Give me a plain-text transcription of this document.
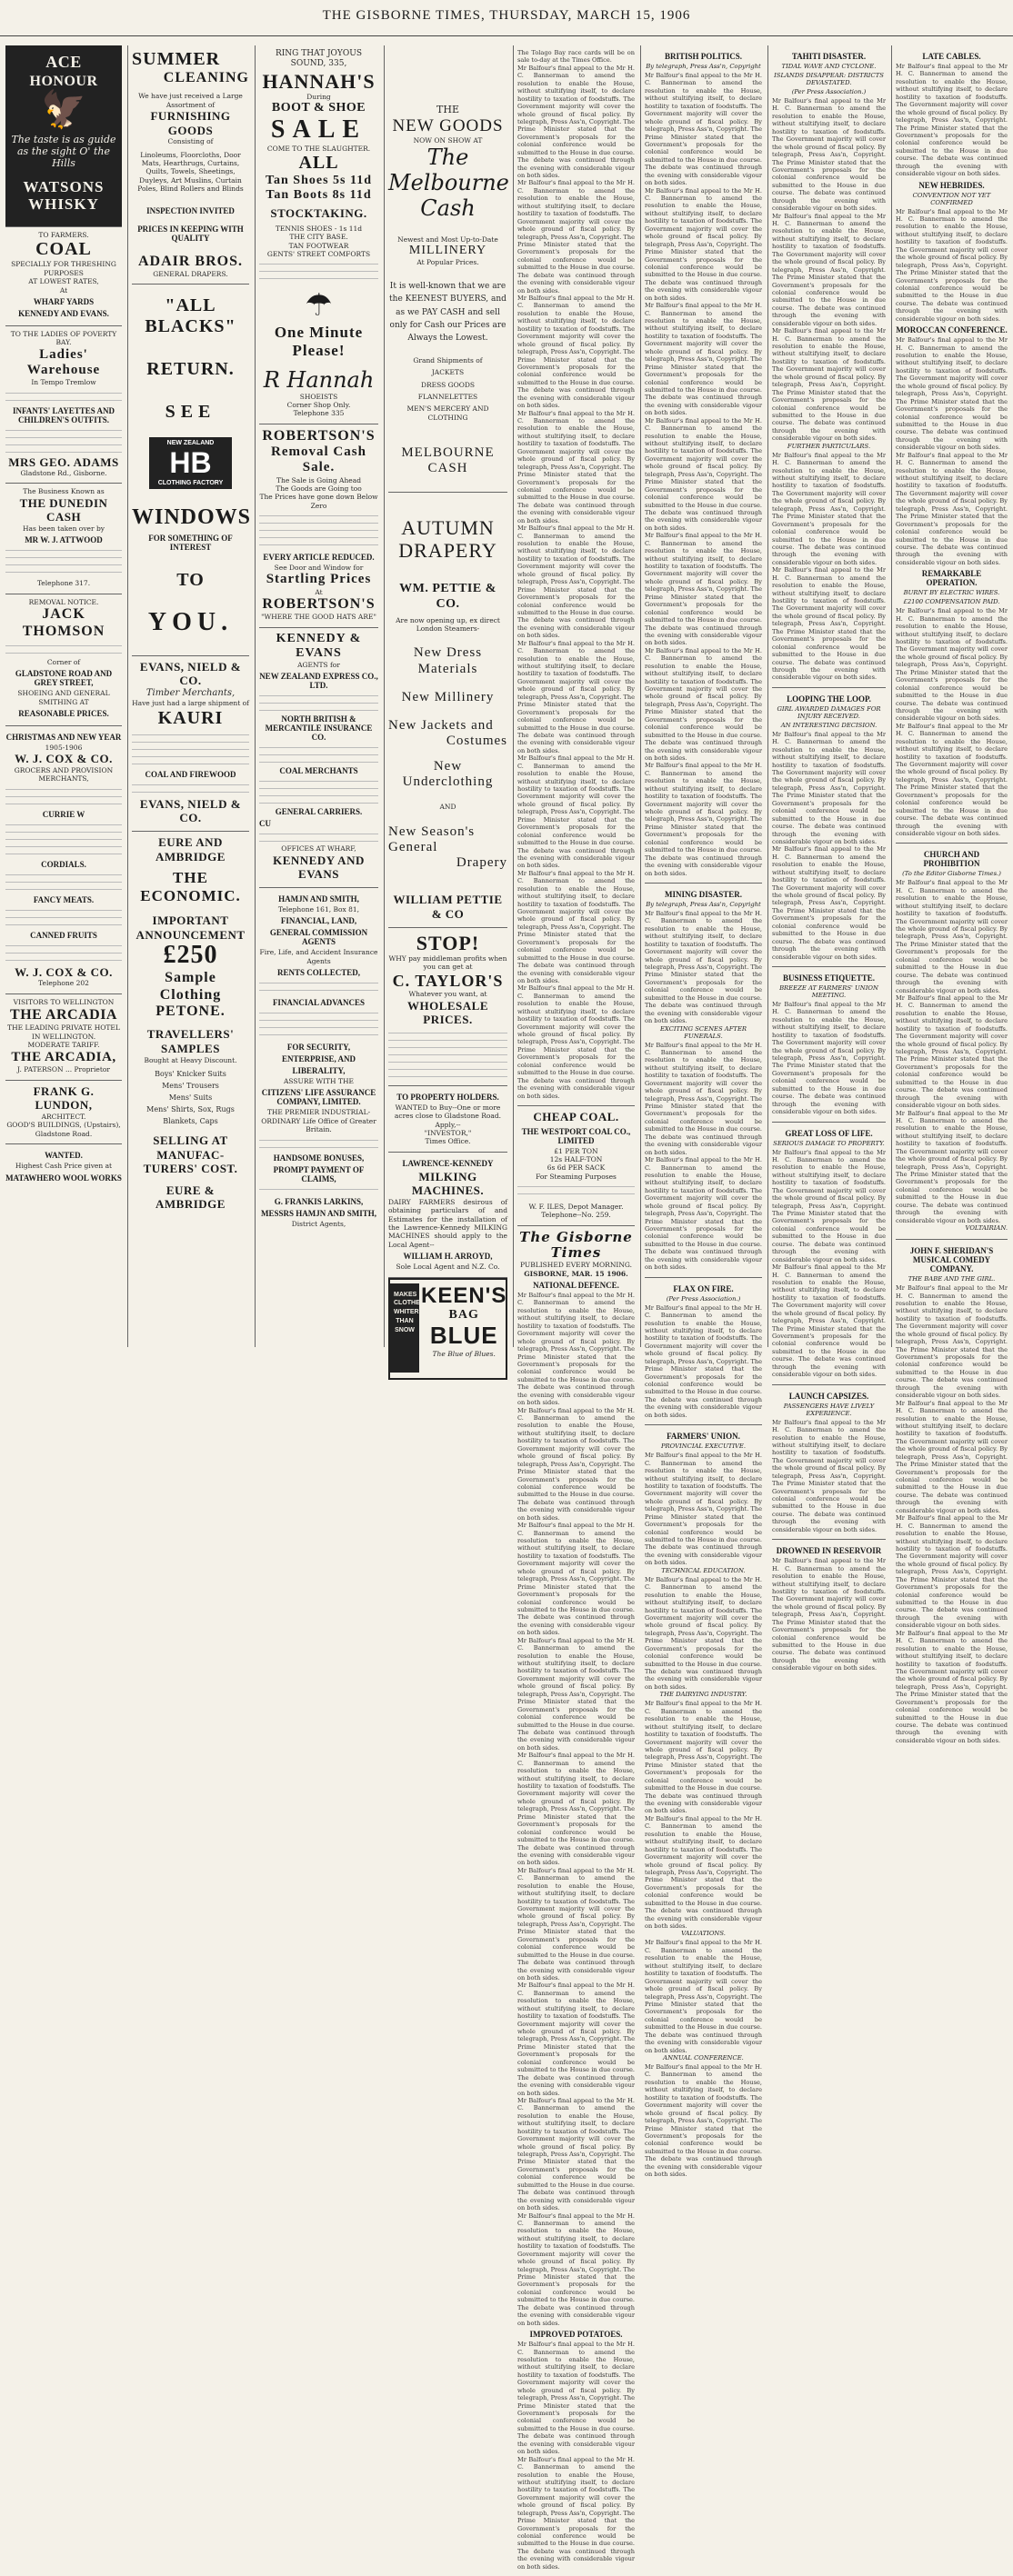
THE GISBORNE TIMES, THURSDAY, MARCH 15, 1906
ACE
HONOUR
🦅
The taste is as guide as the sight O' the Hills
WATSONS WHISKY
TO FARMERS.
COAL
SPECIALLY FOR THRESHING PURPOSES
AT LOWEST RATES,
At
WHARF YARDS
KENNEDY AND EVANS.
TO THE LADIES OF POVERTY BAY.
Ladies' Warehouse
In Tempo Tremlow
INFANTS' LAYETTES AND CHILDREN'S OUTFITS.
MRS GEO. ADAMS
Gladstone Rd., Gisborne.
The Business Known as
THE DUNEDIN CASH
Has been taken over by
MR W. J. ATTWOOD
Telephone 317.
REMOVAL NOTICE.
JACK THOMSON
Corner of
GLADSTONE ROAD AND GREY STREET,
SHOEING AND GENERAL SMITHING AT
REASONABLE PRICES.
CHRISTMAS AND NEW YEAR
1905-1906
W. J. COX & CO.
GROCERS AND PROVISION MERCHANTS,
CURRIE W
CORDIALS.
FANCY MEATS.
CANNED FRUITS
W. J. COX & CO.
Telephone 202
VISITORS TO WELLINGTON
THE ARCADIA
THE LEADING PRIVATE HOTEL IN WELLINGTON.
MODERATE TARIFF.
THE ARCADIA,
J. PATERSON ... Proprietor
FRANK G. LUNDON,
ARCHITECT.
GOOD'S BUILDINGS, (Upstairs), Gladstone Road.
WANTED.
Highest Cash Price given at
MATAWHERO WOOL WORKS
SUMMER
CLEANING
We have just received a Large Assortment of
FURNISHING GOODS
Consisting of
Linoleums, Floorcloths, Door Mats, Hearthrugs, Curtains, Quilts, Towels, Sheetings, Duyleys, Art Muslins, Curtain Poles, Blind Rollers and Blinds
INSPECTION INVITED
PRICES IN KEEPING WITH QUALITY
ADAIR BROS.
GENERAL DRAPERS.
"ALL BLACKS"
RETURN.
SEE
NEW ZEALAND
HB
CLOTHING FACTORY
WINDOWS
FOR SOMETHING OF INTEREST
TO
YOU.
EVANS, NIELD & CO.
Timber Merchants,
Have just had a large shipment of
KAURI
COAL AND FIREWOOD
EVANS, NIELD & CO.
EURE AND AMBRIDGE
THE ECONOMIC.
IMPORTANT
ANNOUNCEMENT
£250
Sample Clothing
PETONE.
TRAVELLERS' SAMPLES
Bought at Heavy Discount.
Boys' Knicker Suits
Mens' Trousers
Mens' Suits
Mens' Shirts, Sox, Rugs
Blankets, Caps
SELLING AT MANUFAC-TURERS' COST.
EURE & AMBRIDGE
RING THAT JOYOUS SOUND, 335,
HANNAH'S
During
BOOT & SHOE
SALE
COME TO THE SLAUGHTER.
ALL
Tan Shoes 5s 11d
Tan Boots 8s 11d
STOCKTAKING.
TENNIS SHOES - 1s 11d
THE CITY BASE.
TAN FOOTWEAR
GENTS' STREET COMFORTS
☂
One Minute Please!
R Hannah
SHOEISTS
Corner Shop Only.
Telephone 335
ROBERTSON'S
Removal Cash Sale.
The Sale is Going Ahead
The Goods are Going too
The Prices have gone down Below Zero
EVERY ARTICLE REDUCED.
See Door and Window for
Startling Prices
At
ROBERTSON'S
"WHERE THE GOOD HATS ARE"
KENNEDY & EVANS
AGENTS for
NEW ZEALAND EXPRESS CO., LTD.
NORTH BRITISH & MERCANTILE INSURANCE CO.
COAL MERCHANTS
GENERAL CARRIERS.
CU
OFFICES AT WHARF,
KENNEDY AND EVANS
HAMJN AND SMITH,
Telephone 161, Box 81,
FINANCIAL, LAND,
GENERAL COMMISSION AGENTS
Fire, Life, and Accident Insurance Agents
RENTS COLLECTED,
FINANCIAL ADVANCES
FOR SECURITY,
ENTERPRISE, AND
LIBERALITY,
ASSURE WITH THE
CITIZENS' LIFE ASSURANCE COMPANY, LIMITED.
THE PREMIER INDUSTRIAL-ORDINARY Life Office of Greater Britain.
HANDSOME BONUSES,
PROMPT PAYMENT OF CLAIMS,
G. FRANKIS LARKINS,
MESSRS HAMJN AND SMITH,
District Agents,
THE
NEW GOODS
NOW ON SHOW AT
The
Melbourne
Cash
Newest and Most Up-to-Date
MILLINERY
At Popular Prices.
It is well-known that we are the KEENEST BUYERS, and as we PAY CASH and sell only for Cash our Prices are Always the Lowest.
Grand Shipments of
JACKETS
DRESS GOODS
FLANNELETTES
MEN'S MERCERY AND CLOTHING
MELBOURNE CASH
AUTUMN
DRAPERY
WM. PETTIE & CO.
Are now opening up, ex direct London Steamers-
New Dress Materials
New Millinery
New Jackets and
Costumes
New Underclothing
AND
New Season's General
Drapery
WILLIAM PETTIE & CO
STOP!
WHY pay middleman profits when you can get at
C. TAYLOR'S
Whatever you want, at
WHOLESALE PRICES.
TO PROPERTY HOLDERS.
WANTED to Buy--One or more acres close to Gladstone Road.
Apply,--
"INVESTOR,"
Times Office.
LAWRENCE-KENNEDY
MILKING MACHINES.
DAIRY FARMERS desirous of obtaining particulars of and Estimates for the installation of the Lawrence-Kennedy MILKING MACHINES should apply to the Local Agent--
WILLIAM H. ARROYD,
Sole Local Agent and N.Z. Co.
MAKES CLOTHES WHITER THAN SNOW
KEEN'S
BAG
BLUE
The Blue of Blues.
The Tolago Bay race cards will be on sale to-day at the Times Office.
Mr Balfour's final appeal to the Mr H. C. Bannerman to amend the resolution to enable the House, without stultifying itself, to declare hostility to taxation of foodstuffs. The Government majority will cover the whole ground of fiscal policy. By telegraph, Press Ass'n, Copyright. The Prime Minister stated that the Government's proposals for the colonial conference would be submitted to the House in due course. The debate was continued through the evening with considerable vigour on both sides.
Mr Balfour's final appeal to the Mr H. C. Bannerman to amend the resolution to enable the House, without stultifying itself, to declare hostility to taxation of foodstuffs. The Government majority will cover the whole ground of fiscal policy. By telegraph, Press Ass'n, Copyright. The Prime Minister stated that the Government's proposals for the colonial conference would be submitted to the House in due course. The debate was continued through the evening with considerable vigour on both sides.
Mr Balfour's final appeal to the Mr H. C. Bannerman to amend the resolution to enable the House, without stultifying itself, to declare hostility to taxation of foodstuffs. The Government majority will cover the whole ground of fiscal policy. By telegraph, Press Ass'n, Copyright. The Prime Minister stated that the Government's proposals for the colonial conference would be submitted to the House in due course. The debate was continued through the evening with considerable vigour on both sides.
Mr Balfour's final appeal to the Mr H. C. Bannerman to amend the resolution to enable the House, without stultifying itself, to declare hostility to taxation of foodstuffs. The Government majority will cover the whole ground of fiscal policy. By telegraph, Press Ass'n, Copyright. The Prime Minister stated that the Government's proposals for the colonial conference would be submitted to the House in due course. The debate was continued through the evening with considerable vigour on both sides.
Mr Balfour's final appeal to the Mr H. C. Bannerman to amend the resolution to enable the House, without stultifying itself, to declare hostility to taxation of foodstuffs. The Government majority will cover the whole ground of fiscal policy. By telegraph, Press Ass'n, Copyright. The Prime Minister stated that the Government's proposals for the colonial conference would be submitted to the House in due course. The debate was continued through the evening with considerable vigour on both sides.
Mr Balfour's final appeal to the Mr H. C. Bannerman to amend the resolution to enable the House, without stultifying itself, to declare hostility to taxation of foodstuffs. The Government majority will cover the whole ground of fiscal policy. By telegraph, Press Ass'n, Copyright. The Prime Minister stated that the Government's proposals for the colonial conference would be submitted to the House in due course. The debate was continued through the evening with considerable vigour on both sides.
Mr Balfour's final appeal to the Mr H. C. Bannerman to amend the resolution to enable the House, without stultifying itself, to declare hostility to taxation of foodstuffs. The Government majority will cover the whole ground of fiscal policy. By telegraph, Press Ass'n, Copyright. The Prime Minister stated that the Government's proposals for the colonial conference would be submitted to the House in due course. The debate was continued through the evening with considerable vigour on both sides.
Mr Balfour's final appeal to the Mr H. C. Bannerman to amend the resolution to enable the House, without stultifying itself, to declare hostility to taxation of foodstuffs. The Government majority will cover the whole ground of fiscal policy. By telegraph, Press Ass'n, Copyright. The Prime Minister stated that the Government's proposals for the colonial conference would be submitted to the House in due course. The debate was continued through the evening with considerable vigour on both sides.
Mr Balfour's final appeal to the Mr H. C. Bannerman to amend the resolution to enable the House, without stultifying itself, to declare hostility to taxation of foodstuffs. The Government majority will cover the whole ground of fiscal policy. By telegraph, Press Ass'n, Copyright. The Prime Minister stated that the Government's proposals for the colonial conference would be submitted to the House in due course. The debate was continued through the evening with considerable vigour on both sides.
CHEAP COAL.
THE WESTPORT COAL CO., LIMITED
£1 PER TON
12s HALF-TON
6s 6d PER SACK
For Steaming Purposes
W. F. ILES, Depot Manager.
Telephone--No. 259.
The Gisborne Times
PUBLISHED EVERY MORNING.
GISBORNE, MAR. 15 1906.
NATIONAL DEFENCE.
Mr Balfour's final appeal to the Mr H. C. Bannerman to amend the resolution to enable the House, without stultifying itself, to declare hostility to taxation of foodstuffs. The Government majority will cover the whole ground of fiscal policy. By telegraph, Press Ass'n, Copyright. The Prime Minister stated that the Government's proposals for the colonial conference would be submitted to the House in due course. The debate was continued through the evening with considerable vigour on both sides.
Mr Balfour's final appeal to the Mr H. C. Bannerman to amend the resolution to enable the House, without stultifying itself, to declare hostility to taxation of foodstuffs. The Government majority will cover the whole ground of fiscal policy. By telegraph, Press Ass'n, Copyright. The Prime Minister stated that the Government's proposals for the colonial conference would be submitted to the House in due course. The debate was continued through the evening with considerable vigour on both sides.
Mr Balfour's final appeal to the Mr H. C. Bannerman to amend the resolution to enable the House, without stultifying itself, to declare hostility to taxation of foodstuffs. The Government majority will cover the whole ground of fiscal policy. By telegraph, Press Ass'n, Copyright. The Prime Minister stated that the Government's proposals for the colonial conference would be submitted to the House in due course. The debate was continued through the evening with considerable vigour on both sides.
Mr Balfour's final appeal to the Mr H. C. Bannerman to amend the resolution to enable the House, without stultifying itself, to declare hostility to taxation of foodstuffs. The Government majority will cover the whole ground of fiscal policy. By telegraph, Press Ass'n, Copyright. The Prime Minister stated that the Government's proposals for the colonial conference would be submitted to the House in due course. The debate was continued through the evening with considerable vigour on both sides.
Mr Balfour's final appeal to the Mr H. C. Bannerman to amend the resolution to enable the House, without stultifying itself, to declare hostility to taxation of foodstuffs. The Government majority will cover the whole ground of fiscal policy. By telegraph, Press Ass'n, Copyright. The Prime Minister stated that the Government's proposals for the colonial conference would be submitted to the House in due course. The debate was continued through the evening with considerable vigour on both sides.
Mr Balfour's final appeal to the Mr H. C. Bannerman to amend the resolution to enable the House, without stultifying itself, to declare hostility to taxation of foodstuffs. The Government majority will cover the whole ground of fiscal policy. By telegraph, Press Ass'n, Copyright. The Prime Minister stated that the Government's proposals for the colonial conference would be submitted to the House in due course. The debate was continued through the evening with considerable vigour on both sides.
Mr Balfour's final appeal to the Mr H. C. Bannerman to amend the resolution to enable the House, without stultifying itself, to declare hostility to taxation of foodstuffs. The Government majority will cover the whole ground of fiscal policy. By telegraph, Press Ass'n, Copyright. The Prime Minister stated that the Government's proposals for the colonial conference would be submitted to the House in due course. The debate was continued through the evening with considerable vigour on both sides.
Mr Balfour's final appeal to the Mr H. C. Bannerman to amend the resolution to enable the House, without stultifying itself, to declare hostility to taxation of foodstuffs. The Government majority will cover the whole ground of fiscal policy. By telegraph, Press Ass'n, Copyright. The Prime Minister stated that the Government's proposals for the colonial conference would be submitted to the House in due course. The debate was continued through the evening with considerable vigour on both sides.
Mr Balfour's final appeal to the Mr H. C. Bannerman to amend the resolution to enable the House, without stultifying itself, to declare hostility to taxation of foodstuffs. The Government majority will cover the whole ground of fiscal policy. By telegraph, Press Ass'n, Copyright. The Prime Minister stated that the Government's proposals for the colonial conference would be submitted to the House in due course. The debate was continued through the evening with considerable vigour on both sides.
IMPROVED POTATOES.
Mr Balfour's final appeal to the Mr H. C. Bannerman to amend the resolution to enable the House, without stultifying itself, to declare hostility to taxation of foodstuffs. The Government majority will cover the whole ground of fiscal policy. By telegraph, Press Ass'n, Copyright. The Prime Minister stated that the Government's proposals for the colonial conference would be submitted to the House in due course. The debate was continued through the evening with considerable vigour on both sides.
Mr Balfour's final appeal to the Mr H. C. Bannerman to amend the resolution to enable the House, without stultifying itself, to declare hostility to taxation of foodstuffs. The Government majority will cover the whole ground of fiscal policy. By telegraph, Press Ass'n, Copyright. The Prime Minister stated that the Government's proposals for the colonial conference would be submitted to the House in due course. The debate was continued through the evening with considerable vigour on both sides.
BRITISH POLITICS.
By telegraph, Press Ass'n, Copyright
Mr Balfour's final appeal to the Mr H. C. Bannerman to amend the resolution to enable the House, without stultifying itself, to declare hostility to taxation of foodstuffs. The Government majority will cover the whole ground of fiscal policy. By telegraph, Press Ass'n, Copyright. The Prime Minister stated that the Government's proposals for the colonial conference would be submitted to the House in due course. The debate was continued through the evening with considerable vigour on both sides.
Mr Balfour's final appeal to the Mr H. C. Bannerman to amend the resolution to enable the House, without stultifying itself, to declare hostility to taxation of foodstuffs. The Government majority will cover the whole ground of fiscal policy. By telegraph, Press Ass'n, Copyright. The Prime Minister stated that the Government's proposals for the colonial conference would be submitted to the House in due course. The debate was continued through the evening with considerable vigour on both sides.
Mr Balfour's final appeal to the Mr H. C. Bannerman to amend the resolution to enable the House, without stultifying itself, to declare hostility to taxation of foodstuffs. The Government majority will cover the whole ground of fiscal policy. By telegraph, Press Ass'n, Copyright. The Prime Minister stated that the Government's proposals for the colonial conference would be submitted to the House in due course. The debate was continued through the evening with considerable vigour on both sides.
Mr Balfour's final appeal to the Mr H. C. Bannerman to amend the resolution to enable the House, without stultifying itself, to declare hostility to taxation of foodstuffs. The Government majority will cover the whole ground of fiscal policy. By telegraph, Press Ass'n, Copyright. The Prime Minister stated that the Government's proposals for the colonial conference would be submitted to the House in due course. The debate was continued through the evening with considerable vigour on both sides.
Mr Balfour's final appeal to the Mr H. C. Bannerman to amend the resolution to enable the House, without stultifying itself, to declare hostility to taxation of foodstuffs. The Government majority will cover the whole ground of fiscal policy. By telegraph, Press Ass'n, Copyright. The Prime Minister stated that the Government's proposals for the colonial conference would be submitted to the House in due course. The debate was continued through the evening with considerable vigour on both sides.
Mr Balfour's final appeal to the Mr H. C. Bannerman to amend the resolution to enable the House, without stultifying itself, to declare hostility to taxation of foodstuffs. The Government majority will cover the whole ground of fiscal policy. By telegraph, Press Ass'n, Copyright. The Prime Minister stated that the Government's proposals for the colonial conference would be submitted to the House in due course. The debate was continued through the evening with considerable vigour on both sides.
Mr Balfour's final appeal to the Mr H. C. Bannerman to amend the resolution to enable the House, without stultifying itself, to declare hostility to taxation of foodstuffs. The Government majority will cover the whole ground of fiscal policy. By telegraph, Press Ass'n, Copyright. The Prime Minister stated that the Government's proposals for the colonial conference would be submitted to the House in due course. The debate was continued through the evening with considerable vigour on both sides.
MINING DISASTER.
By telegraph, Press Ass'n, Copyright
Mr Balfour's final appeal to the Mr H. C. Bannerman to amend the resolution to enable the House, without stultifying itself, to declare hostility to taxation of foodstuffs. The Government majority will cover the whole ground of fiscal policy. By telegraph, Press Ass'n, Copyright. The Prime Minister stated that the Government's proposals for the colonial conference would be submitted to the House in due course. The debate was continued through the evening with considerable vigour on both sides.
EXCITING SCENES AFTER FUNERALS.
Mr Balfour's final appeal to the Mr H. C. Bannerman to amend the resolution to enable the House, without stultifying itself, to declare hostility to taxation of foodstuffs. The Government majority will cover the whole ground of fiscal policy. By telegraph, Press Ass'n, Copyright. The Prime Minister stated that the Government's proposals for the colonial conference would be submitted to the House in due course. The debate was continued through the evening with considerable vigour on both sides.
Mr Balfour's final appeal to the Mr H. C. Bannerman to amend the resolution to enable the House, without stultifying itself, to declare hostility to taxation of foodstuffs. The Government majority will cover the whole ground of fiscal policy. By telegraph, Press Ass'n, Copyright. The Prime Minister stated that the Government's proposals for the colonial conference would be submitted to the House in due course. The debate was continued through the evening with considerable vigour on both sides.
FLAX ON FIRE.
(Per Press Association.)
Mr Balfour's final appeal to the Mr H. C. Bannerman to amend the resolution to enable the House, without stultifying itself, to declare hostility to taxation of foodstuffs. The Government majority will cover the whole ground of fiscal policy. By telegraph, Press Ass'n, Copyright. The Prime Minister stated that the Government's proposals for the colonial conference would be submitted to the House in due course. The debate was continued through the evening with considerable vigour on both sides.
FARMERS' UNION.
PROVINCIAL EXECUTIVE.
Mr Balfour's final appeal to the Mr H. C. Bannerman to amend the resolution to enable the House, without stultifying itself, to declare hostility to taxation of foodstuffs. The Government majority will cover the whole ground of fiscal policy. By telegraph, Press Ass'n, Copyright. The Prime Minister stated that the Government's proposals for the colonial conference would be submitted to the House in due course. The debate was continued through the evening with considerable vigour on both sides.
TECHNICAL EDUCATION.
Mr Balfour's final appeal to the Mr H. C. Bannerman to amend the resolution to enable the House, without stultifying itself, to declare hostility to taxation of foodstuffs. The Government majority will cover the whole ground of fiscal policy. By telegraph, Press Ass'n, Copyright. The Prime Minister stated that the Government's proposals for the colonial conference would be submitted to the House in due course. The debate was continued through the evening with considerable vigour on both sides.
THE DAIRYING INDUSTRY.
Mr Balfour's final appeal to the Mr H. C. Bannerman to amend the resolution to enable the House, without stultifying itself, to declare hostility to taxation of foodstuffs. The Government majority will cover the whole ground of fiscal policy. By telegraph, Press Ass'n, Copyright. The Prime Minister stated that the Government's proposals for the colonial conference would be submitted to the House in due course. The debate was continued through the evening with considerable vigour on both sides.
Mr Balfour's final appeal to the Mr H. C. Bannerman to amend the resolution to enable the House, without stultifying itself, to declare hostility to taxation of foodstuffs. The Government majority will cover the whole ground of fiscal policy. By telegraph, Press Ass'n, Copyright. The Prime Minister stated that the Government's proposals for the colonial conference would be submitted to the House in due course. The debate was continued through the evening with considerable vigour on both sides.
VALUATIONS.
Mr Balfour's final appeal to the Mr H. C. Bannerman to amend the resolution to enable the House, without stultifying itself, to declare hostility to taxation of foodstuffs. The Government majority will cover the whole ground of fiscal policy. By telegraph, Press Ass'n, Copyright. The Prime Minister stated that the Government's proposals for the colonial conference would be submitted to the House in due course. The debate was continued through the evening with considerable vigour on both sides.
ANNUAL CONFERENCE.
Mr Balfour's final appeal to the Mr H. C. Bannerman to amend the resolution to enable the House, without stultifying itself, to declare hostility to taxation of foodstuffs. The Government majority will cover the whole ground of fiscal policy. By telegraph, Press Ass'n, Copyright. The Prime Minister stated that the Government's proposals for the colonial conference would be submitted to the House in due course. The debate was continued through the evening with considerable vigour on both sides.
TAHITI DISASTER.
TIDAL WAVE AND CYCLONE.
ISLANDS DISAPPEAR: DISTRICTS DEVASTATED.
(Per Press Association.)
Mr Balfour's final appeal to the Mr H. C. Bannerman to amend the resolution to enable the House, without stultifying itself, to declare hostility to taxation of foodstuffs. The Government majority will cover the whole ground of fiscal policy. By telegraph, Press Ass'n, Copyright. The Prime Minister stated that the Government's proposals for the colonial conference would be submitted to the House in due course. The debate was continued through the evening with considerable vigour on both sides.
Mr Balfour's final appeal to the Mr H. C. Bannerman to amend the resolution to enable the House, without stultifying itself, to declare hostility to taxation of foodstuffs. The Government majority will cover the whole ground of fiscal policy. By telegraph, Press Ass'n, Copyright. The Prime Minister stated that the Government's proposals for the colonial conference would be submitted to the House in due course. The debate was continued through the evening with considerable vigour on both sides.
Mr Balfour's final appeal to the Mr H. C. Bannerman to amend the resolution to enable the House, without stultifying itself, to declare hostility to taxation of foodstuffs. The Government majority will cover the whole ground of fiscal policy. By telegraph, Press Ass'n, Copyright. The Prime Minister stated that the Government's proposals for the colonial conference would be submitted to the House in due course. The debate was continued through the evening with considerable vigour on both sides.
FURTHER PARTICULARS.
Mr Balfour's final appeal to the Mr H. C. Bannerman to amend the resolution to enable the House, without stultifying itself, to declare hostility to taxation of foodstuffs. The Government majority will cover the whole ground of fiscal policy. By telegraph, Press Ass'n, Copyright. The Prime Minister stated that the Government's proposals for the colonial conference would be submitted to the House in due course. The debate was continued through the evening with considerable vigour on both sides.
Mr Balfour's final appeal to the Mr H. C. Bannerman to amend the resolution to enable the House, without stultifying itself, to declare hostility to taxation of foodstuffs. The Government majority will cover the whole ground of fiscal policy. By telegraph, Press Ass'n, Copyright. The Prime Minister stated that the Government's proposals for the colonial conference would be submitted to the House in due course. The debate was continued through the evening with considerable vigour on both sides.
LOOPING THE LOOP.
GIRL AWARDED DAMAGES FOR INJURY RECEIVED.
AN INTERESTING DECISION.
Mr Balfour's final appeal to the Mr H. C. Bannerman to amend the resolution to enable the House, without stultifying itself, to declare hostility to taxation of foodstuffs. The Government majority will cover the whole ground of fiscal policy. By telegraph, Press Ass'n, Copyright. The Prime Minister stated that the Government's proposals for the colonial conference would be submitted to the House in due course. The debate was continued through the evening with considerable vigour on both sides.
Mr Balfour's final appeal to the Mr H. C. Bannerman to amend the resolution to enable the House, without stultifying itself, to declare hostility to taxation of foodstuffs. The Government majority will cover the whole ground of fiscal policy. By telegraph, Press Ass'n, Copyright. The Prime Minister stated that the Government's proposals for the colonial conference would be submitted to the House in due course. The debate was continued through the evening with considerable vigour on both sides.
BUSINESS ETIQUETTE.
BREEZE AT FARMERS' UNION MEETING.
Mr Balfour's final appeal to the Mr H. C. Bannerman to amend the resolution to enable the House, without stultifying itself, to declare hostility to taxation of foodstuffs. The Government majority will cover the whole ground of fiscal policy. By telegraph, Press Ass'n, Copyright. The Prime Minister stated that the Government's proposals for the colonial conference would be submitted to the House in due course. The debate was continued through the evening with considerable vigour on both sides.
GREAT LOSS OF LIFE.
SERIOUS DAMAGE TO PROPERTY.
Mr Balfour's final appeal to the Mr H. C. Bannerman to amend the resolution to enable the House, without stultifying itself, to declare hostility to taxation of foodstuffs. The Government majority will cover the whole ground of fiscal policy. By telegraph, Press Ass'n, Copyright. The Prime Minister stated that the Government's proposals for the colonial conference would be submitted to the House in due course. The debate was continued through the evening with considerable vigour on both sides.
Mr Balfour's final appeal to the Mr H. C. Bannerman to amend the resolution to enable the House, without stultifying itself, to declare hostility to taxation of foodstuffs. The Government majority will cover the whole ground of fiscal policy. By telegraph, Press Ass'n, Copyright. The Prime Minister stated that the Government's proposals for the colonial conference would be submitted to the House in due course. The debate was continued through the evening with considerable vigour on both sides.
LAUNCH CAPSIZES.
PASSENGERS HAVE LIVELY EXPERIENCE.
Mr Balfour's final appeal to the Mr H. C. Bannerman to amend the resolution to enable the House, without stultifying itself, to declare hostility to taxation of foodstuffs. The Government majority will cover the whole ground of fiscal policy. By telegraph, Press Ass'n, Copyright. The Prime Minister stated that the Government's proposals for the colonial conference would be submitted to the House in due course. The debate was continued through the evening with considerable vigour on both sides.
DROWNED IN RESERVOIR
Mr Balfour's final appeal to the Mr H. C. Bannerman to amend the resolution to enable the House, without stultifying itself, to declare hostility to taxation of foodstuffs. The Government majority will cover the whole ground of fiscal policy. By telegraph, Press Ass'n, Copyright. The Prime Minister stated that the Government's proposals for the colonial conference would be submitted to the House in due course. The debate was continued through the evening with considerable vigour on both sides.
LATE CABLES.
Mr Balfour's final appeal to the Mr H. C. Bannerman to amend the resolution to enable the House, without stultifying itself, to declare hostility to taxation of foodstuffs. The Government majority will cover the whole ground of fiscal policy. By telegraph, Press Ass'n, Copyright. The Prime Minister stated that the Government's proposals for the colonial conference would be submitted to the House in due course. The debate was continued through the evening with considerable vigour on both sides.
NEW HEBRIDES.
CONVENTION NOT YET CONFIRMED
Mr Balfour's final appeal to the Mr H. C. Bannerman to amend the resolution to enable the House, without stultifying itself, to declare hostility to taxation of foodstuffs. The Government majority will cover the whole ground of fiscal policy. By telegraph, Press Ass'n, Copyright. The Prime Minister stated that the Government's proposals for the colonial conference would be submitted to the House in due course. The debate was continued through the evening with considerable vigour on both sides.
MOROCCAN CONFERENCE.
Mr Balfour's final appeal to the Mr H. C. Bannerman to amend the resolution to enable the House, without stultifying itself, to declare hostility to taxation of foodstuffs. The Government majority will cover the whole ground of fiscal policy. By telegraph, Press Ass'n, Copyright. The Prime Minister stated that the Government's proposals for the colonial conference would be submitted to the House in due course. The debate was continued through the evening with considerable vigour on both sides.
Mr Balfour's final appeal to the Mr H. C. Bannerman to amend the resolution to enable the House, without stultifying itself, to declare hostility to taxation of foodstuffs. The Government majority will cover the whole ground of fiscal policy. By telegraph, Press Ass'n, Copyright. The Prime Minister stated that the Government's proposals for the colonial conference would be submitted to the House in due course. The debate was continued through the evening with considerable vigour on both sides.
REMARKABLE OPERATION.
BURNT BY ELECTRIC WIRES.
£2100 COMPENSATION PAID.
Mr Balfour's final appeal to the Mr H. C. Bannerman to amend the resolution to enable the House, without stultifying itself, to declare hostility to taxation of foodstuffs. The Government majority will cover the whole ground of fiscal policy. By telegraph, Press Ass'n, Copyright. The Prime Minister stated that the Government's proposals for the colonial conference would be submitted to the House in due course. The debate was continued through the evening with considerable vigour on both sides.
Mr Balfour's final appeal to the Mr H. C. Bannerman to amend the resolution to enable the House, without stultifying itself, to declare hostility to taxation of foodstuffs. The Government majority will cover the whole ground of fiscal policy. By telegraph, Press Ass'n, Copyright. The Prime Minister stated that the Government's proposals for the colonial conference would be submitted to the House in due course. The debate was continued through the evening with considerable vigour on both sides.
CHURCH AND PROHIBITION
(To the Editor Gisborne Times.)
Mr Balfour's final appeal to the Mr H. C. Bannerman to amend the resolution to enable the House, without stultifying itself, to declare hostility to taxation of foodstuffs. The Government majority will cover the whole ground of fiscal policy. By telegraph, Press Ass'n, Copyright. The Prime Minister stated that the Government's proposals for the colonial conference would be submitted to the House in due course. The debate was continued through the evening with considerable vigour on both sides.
Mr Balfour's final appeal to the Mr H. C. Bannerman to amend the resolution to enable the House, without stultifying itself, to declare hostility to taxation of foodstuffs. The Government majority will cover the whole ground of fiscal policy. By telegraph, Press Ass'n, Copyright. The Prime Minister stated that the Government's proposals for the colonial conference would be submitted to the House in due course. The debate was continued through the evening with considerable vigour on both sides.
Mr Balfour's final appeal to the Mr H. C. Bannerman to amend the resolution to enable the House, without stultifying itself, to declare hostility to taxation of foodstuffs. The Government majority will cover the whole ground of fiscal policy. By telegraph, Press Ass'n, Copyright. The Prime Minister stated that the Government's proposals for the colonial conference would be submitted to the House in due course. The debate was continued through the evening with considerable vigour on both sides.
VOLTAIRIAN.
JOHN F. SHERIDAN'S MUSICAL COMEDY COMPANY.
THE BABE AND THE GIRL.
Mr Balfour's final appeal to the Mr H. C. Bannerman to amend the resolution to enable the House, without stultifying itself, to declare hostility to taxation of foodstuffs. The Government majority will cover the whole ground of fiscal policy. By telegraph, Press Ass'n, Copyright. The Prime Minister stated that the Government's proposals for the colonial conference would be submitted to the House in due course. The debate was continued through the evening with considerable vigour on both sides.
Mr Balfour's final appeal to the Mr H. C. Bannerman to amend the resolution to enable the House, without stultifying itself, to declare hostility to taxation of foodstuffs. The Government majority will cover the whole ground of fiscal policy. By telegraph, Press Ass'n, Copyright. The Prime Minister stated that the Government's proposals for the colonial conference would be submitted to the House in due course. The debate was continued through the evening with considerable vigour on both sides.
Mr Balfour's final appeal to the Mr H. C. Bannerman to amend the resolution to enable the House, without stultifying itself, to declare hostility to taxation of foodstuffs. The Government majority will cover the whole ground of fiscal policy. By telegraph, Press Ass'n, Copyright. The Prime Minister stated that the Government's proposals for the colonial conference would be submitted to the House in due course. The debate was continued through the evening with considerable vigour on both sides.
Mr Balfour's final appeal to the Mr H. C. Bannerman to amend the resolution to enable the House, without stultifying itself, to declare hostility to taxation of foodstuffs. The Government majority will cover the whole ground of fiscal policy. By telegraph, Press Ass'n, Copyright. The Prime Minister stated that the Government's proposals for the colonial conference would be submitted to the House in due course. The debate was continued through the evening with considerable vigour on both sides.
